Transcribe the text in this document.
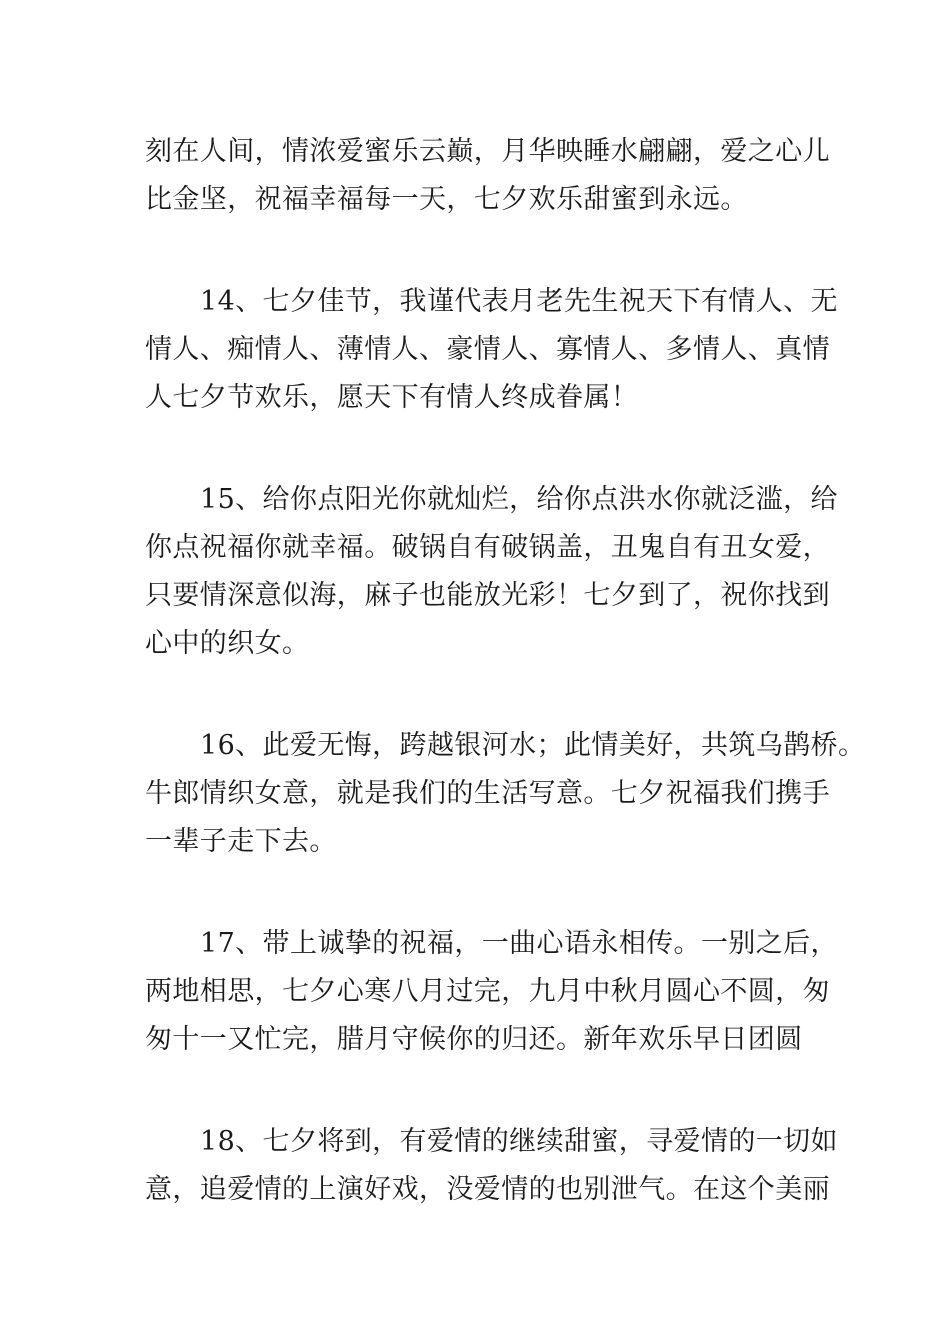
刻在人间，情浓爱蜜乐云巅，月华映睡水翩翩，爱之心儿

比金坚，祝福幸福每一天，七夕欢乐甜蜜到永远。

14、七夕佳节，我谨代表月老先生祝天下有情人、无

情人、痴情人、薄情人、豪情人、寡情人、多情人、真情

人七夕节欢乐，愿天下有情人终成眷属！

15、给你点阳光你就灿烂，给你点洪水你就泛滥，给

你点祝福你就幸福。破锅自有破锅盖，丑鬼自有丑女爱，

只要情深意似海，麻子也能放光彩！七夕到了，祝你找到

心中的织女。

16、此爱无悔，跨越银河水；此情美好，共筑乌鹊桥。

牛郎情织女意，就是我们的生活写意。七夕祝福我们携手

一辈子走下去。

17、带上诚挚的祝福，一曲心语永相传。一别之后，

两地相思，七夕心寒八月过完，九月中秋月圆心不圆，匆

匆十一又忙完，腊月守候你的归还。新年欢乐早日团圆

18、七夕将到，有爱情的继续甜蜜，寻爱情的一切如

意，追爱情的上演好戏，没爱情的也别泄气。在这个美丽
